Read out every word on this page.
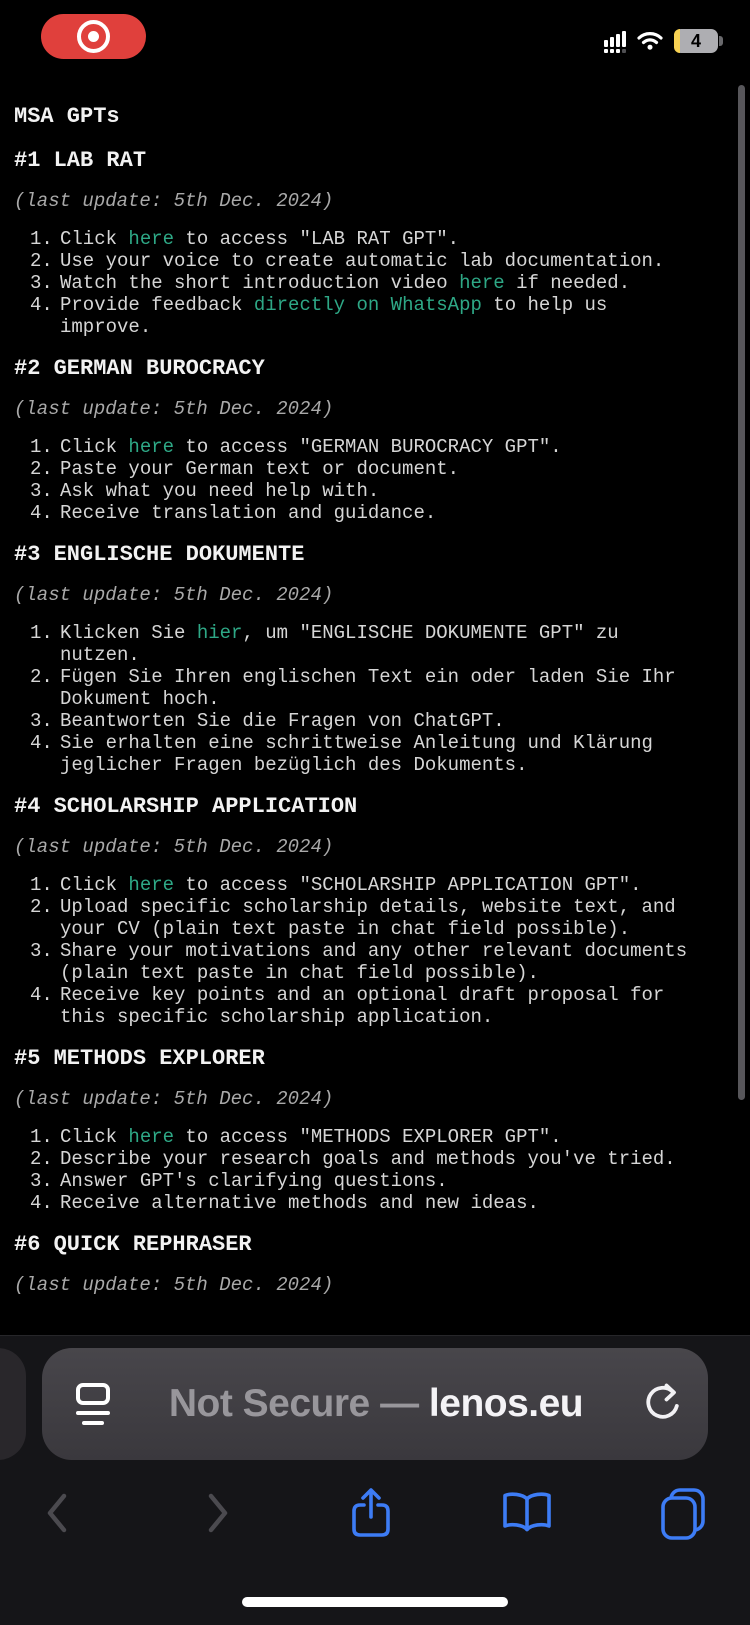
4
MSA GPTs
#1 LAB RAT

(last update: 5th Dec. 2024)

Click here to access "LAB RAT GPT".
Use your voice to create automatic lab documentation.
Watch the short introduction video here if needed.
Provide feedback directly on WhatsApp to help us improve.
#2 GERMAN BUROCRACY

(last update: 5th Dec. 2024)

Click here to access "GERMAN BUROCRACY GPT".
Paste your German text or document.
Ask what you need help with.
Receive translation and guidance.
#3 ENGLISCHE DOKUMENTE

(last update: 5th Dec. 2024)

Klicken Sie hier, um "ENGLISCHE DOKUMENTE GPT" zu nutzen.
Fügen Sie Ihren englischen Text ein oder laden Sie Ihr Dokument hoch.
Beantworten Sie die Fragen von ChatGPT.
Sie erhalten eine schrittweise Anleitung und Klärung jeglicher Fragen bezüglich des Dokuments.
#4 SCHOLARSHIP APPLICATION

(last update: 5th Dec. 2024)

Click here to access "SCHOLARSHIP APPLICATION GPT".
Upload specific scholarship details, website text, and your CV (plain text paste in chat field possible).
Share your motivations and any other relevant documents (plain text paste in chat field possible).
Receive key points and an optional draft proposal for this specific scholarship application.
#5 METHODS EXPLORER

(last update: 5th Dec. 2024)

Click here to access "METHODS EXPLORER GPT".
Describe your research goals and methods you've tried.
Answer GPT's clarifying questions.
Receive alternative methods and new ideas.
#6 QUICK REPHRASER

(last update: 5th Dec. 2024)

Not Secure — lenos.eu
